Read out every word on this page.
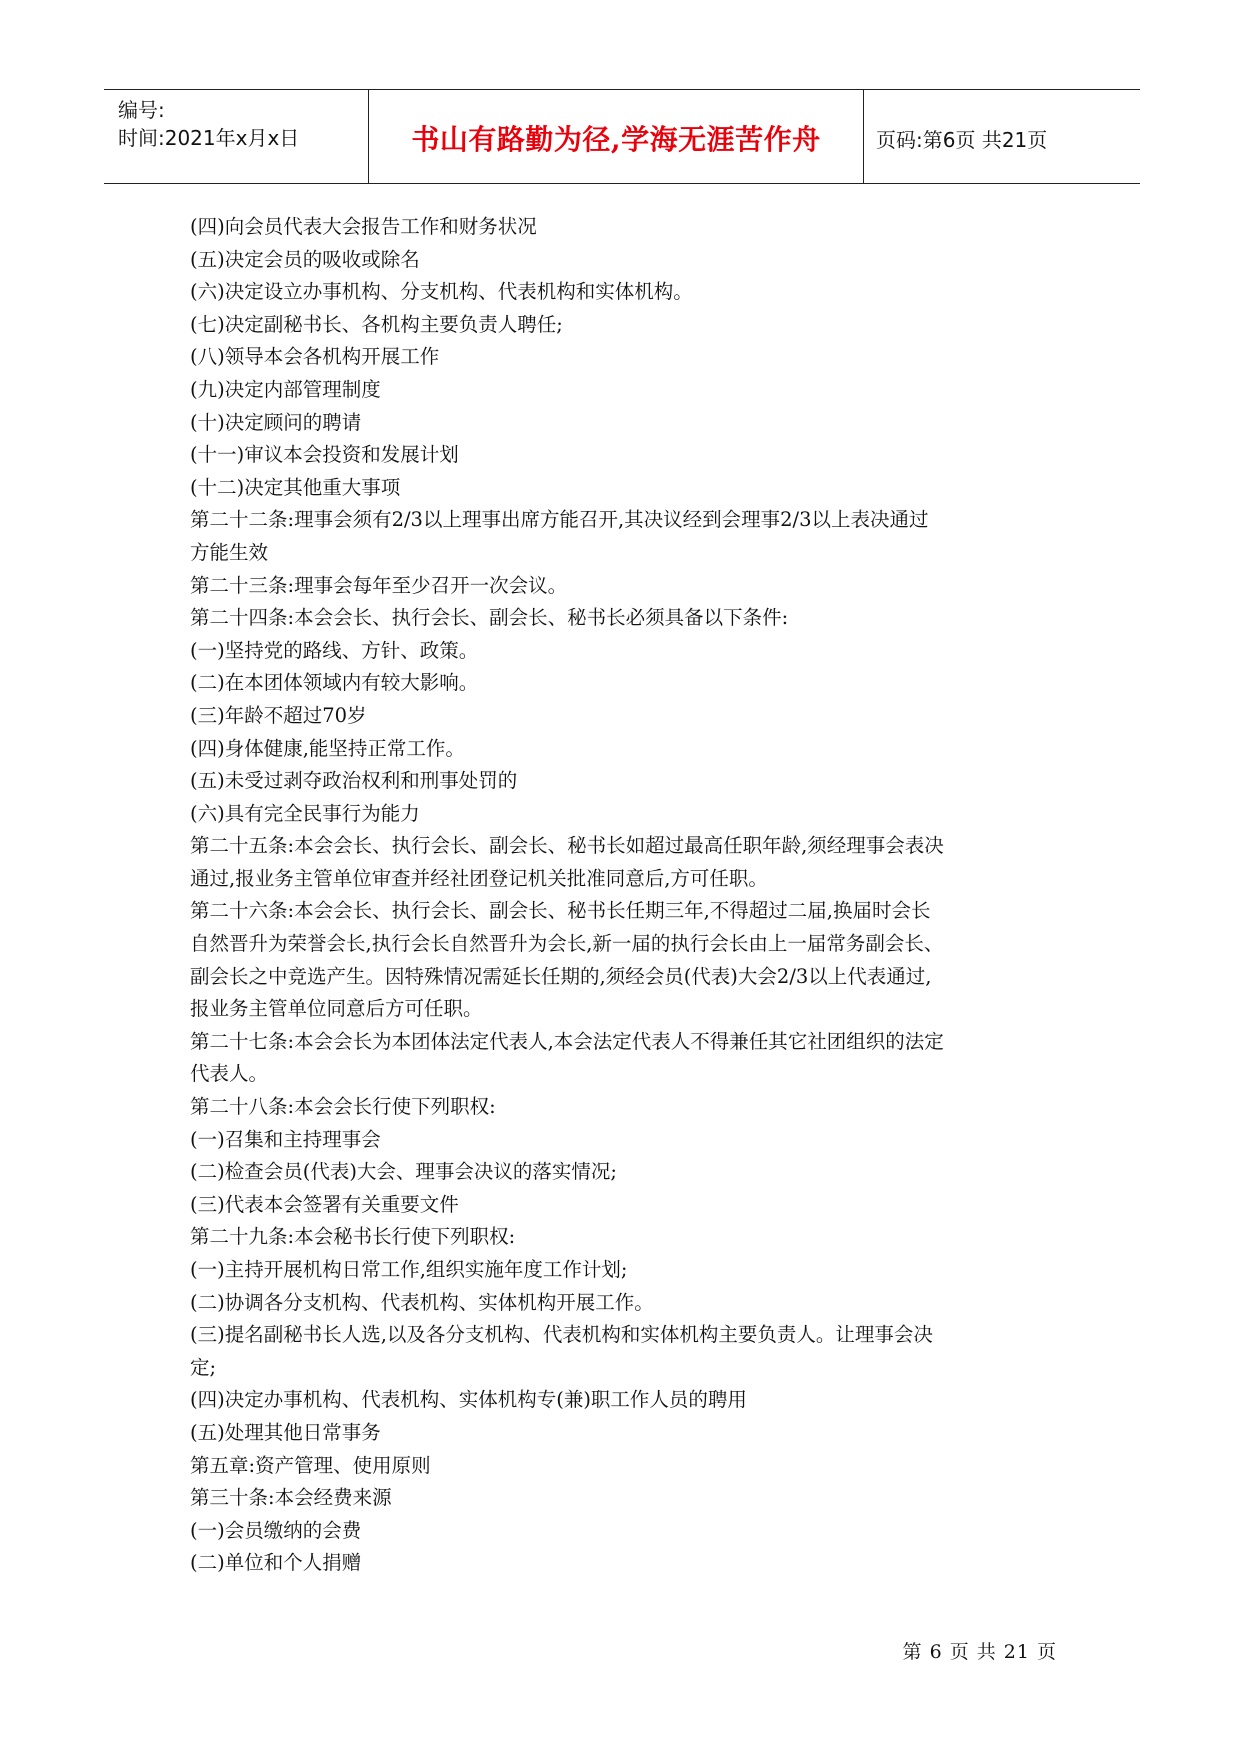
编号:
时间:2021年x月x日	书山有路勤为径,学海无涯苦作舟	页码:第6页 共21页
(四)向会员代表大会报告工作和财务状况
(五)决定会员的吸收或除名
(六)决定设立办事机构、分支机构、代表机构和实体机构。
(七)决定副秘书长、各机构主要负责人聘任;
(八)领导本会各机构开展工作
(九)决定内部管理制度
(十)决定顾问的聘请
(十一)审议本会投资和发展计划
(十二)决定其他重大事项
第二十二条:理事会须有2/3以上理事出席方能召开,其决议经到会理事2/3以上表决通过
方能生效
第二十三条:理事会每年至少召开一次会议。
第二十四条:本会会长、执行会长、副会长、秘书长必须具备以下条件:
(一)坚持党的路线、方针、政策。
(二)在本团体领域内有较大影响。
(三)年龄不超过70岁
(四)身体健康,能坚持正常工作。
(五)未受过剥夺政治权利和刑事处罚的
(六)具有完全民事行为能力
第二十五条:本会会长、执行会长、副会长、秘书长如超过最高任职年龄,须经理事会表决
通过,报业务主管单位审查并经社团登记机关批准同意后,方可任职。
第二十六条:本会会长、执行会长、副会长、秘书长任期三年,不得超过二届,换届时会长
自然晋升为荣誉会长,执行会长自然晋升为会长,新一届的执行会长由上一届常务副会长、
副会长之中竞选产生。因特殊情况需延长任期的,须经会员(代表)大会2/3以上代表通过,
报业务主管单位同意后方可任职。
第二十七条:本会会长为本团体法定代表人,本会法定代表人不得兼任其它社团组织的法定
代表人。
第二十八条:本会会长行使下列职权:
(一)召集和主持理事会
(二)检查会员(代表)大会、理事会决议的落实情况;
(三)代表本会签署有关重要文件
第二十九条:本会秘书长行使下列职权:
(一)主持开展机构日常工作,组织实施年度工作计划;
(二)协调各分支机构、代表机构、实体机构开展工作。
(三)提名副秘书长人选,以及各分支机构、代表机构和实体机构主要负责人。让理事会决
定;
(四)决定办事机构、代表机构、实体机构专(兼)职工作人员的聘用
(五)处理其他日常事务
第五章:资产管理、使用原则
第三十条:本会经费来源
(一)会员缴纳的会费
(二)单位和个人捐赠
第 6 页 共 21 页
